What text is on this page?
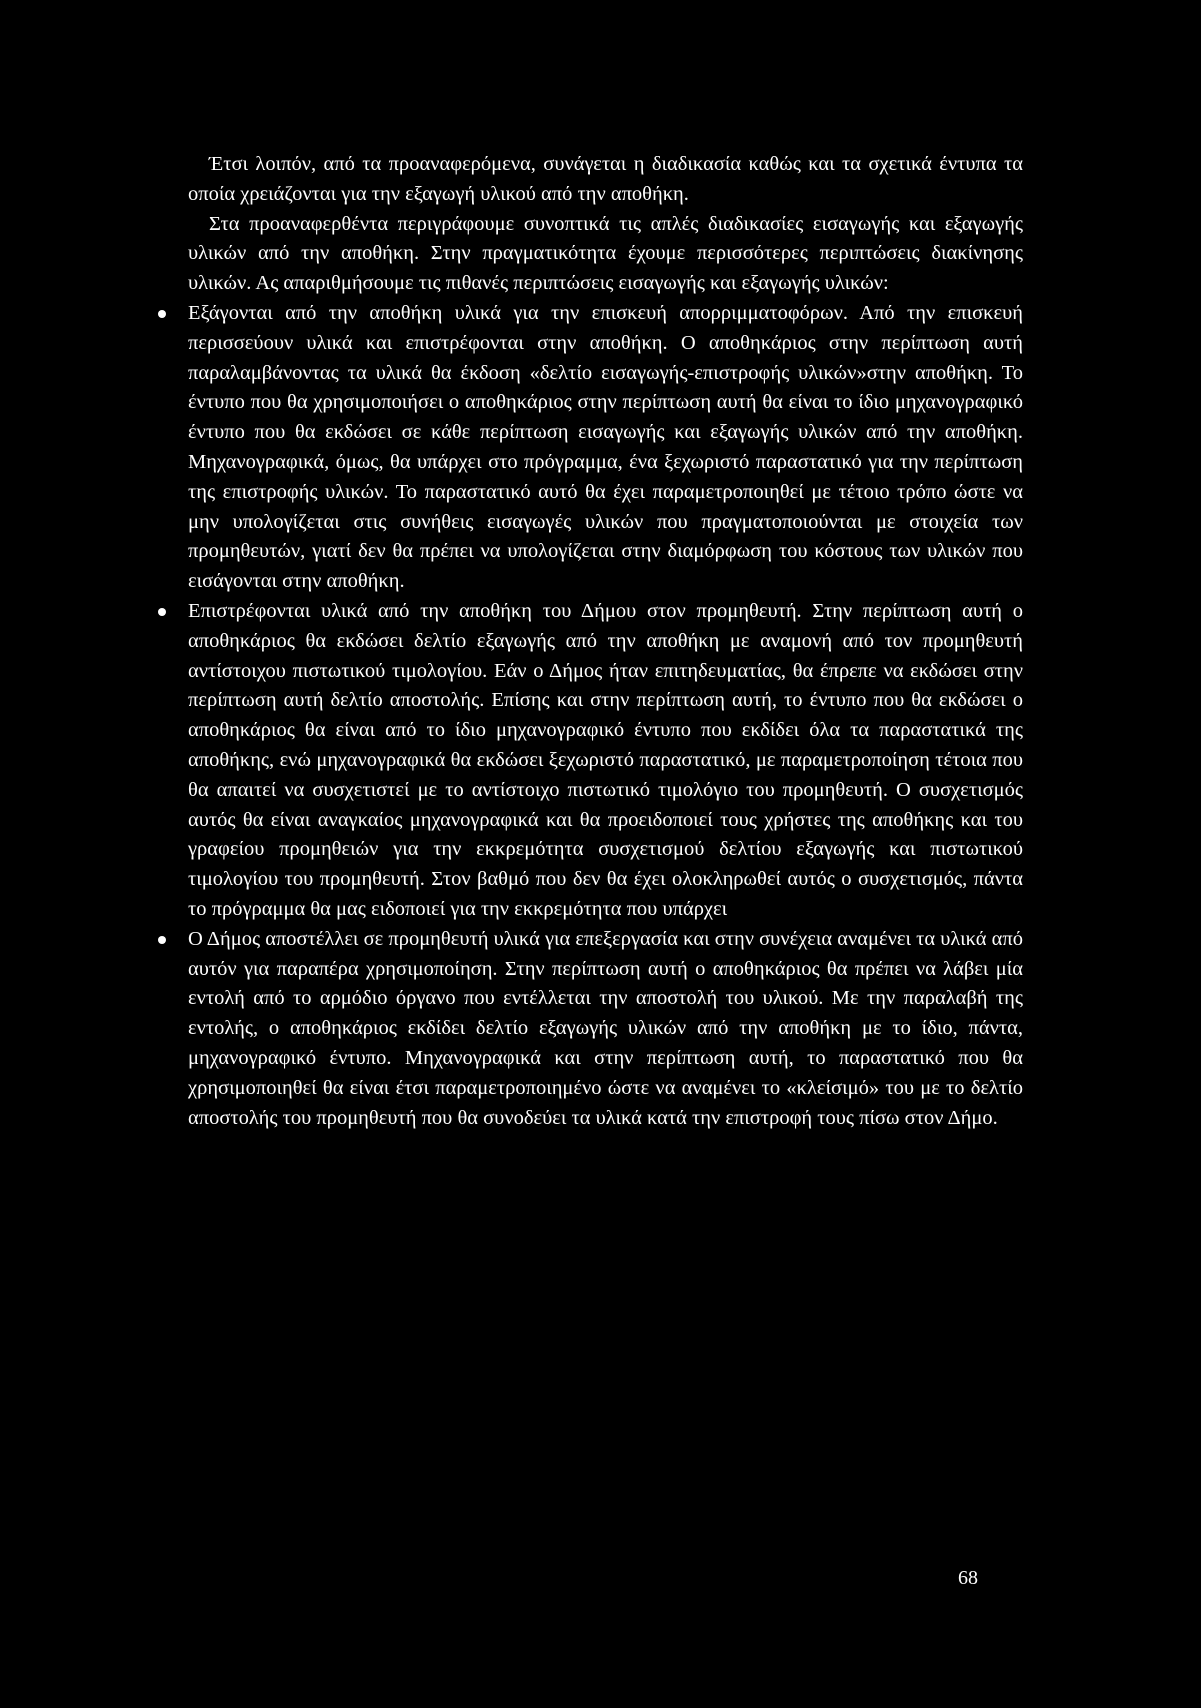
Έτσι λοιπόν, από τα προαναφερόμενα, συνάγεται η διαδικασία καθώς και τα σχετικά έντυπα τα οποία χρειάζονται για την εξαγωγή υλικού από την αποθήκη.

Στα προαναφερθέντα περιγράφουμε συνοπτικά τις απλές διαδικασίες εισαγωγής και εξαγωγής υλικών από την αποθήκη. Στην πραγματικότητα έχουμε περισσότερες περιπτώσεις διακίνησης υλικών. Ας απαριθμήσουμε τις πιθανές περιπτώσεις εισαγωγής και εξαγωγής υλικών:

Εξάγονται από την αποθήκη υλικά για την επισκευή απορριμματοφόρων. Από την επισκευή περισσεύουν υλικά και επιστρέφονται στην αποθήκη. Ο αποθηκάριος στην περίπτωση αυτή παραλαμβάνοντας τα υλικά θα έκδοση «δελτίο εισαγωγής-επιστροφής υλικών»στην αποθήκη. Το έντυπο που θα χρησιμοποιήσει ο αποθηκάριος στην περίπτωση αυτή θα είναι το ίδιο μηχανογραφικό έντυπο που θα εκδώσει σε κάθε περίπτωση εισαγωγής και εξαγωγής υλικών από την αποθήκη. Μηχανογραφικά, όμως, θα υπάρχει στο πρόγραμμα, ένα ξεχωριστό παραστατικό για την περίπτωση της επιστροφής υλικών. Το παραστατικό αυτό θα έχει παραμετροποιηθεί με τέτοιο τρόπο ώστε να μην υπολογίζεται στις συνήθεις εισαγωγές υλικών που πραγματοποιούνται με στοιχεία των προμηθευτών, γιατί δεν θα πρέπει να υπολογίζεται στην διαμόρφωση του κόστους των υλικών που εισάγονται στην αποθήκη.
Επιστρέφονται υλικά από την αποθήκη του Δήμου στον προμηθευτή. Στην περίπτωση αυτή ο αποθηκάριος θα εκδώσει δελτίο εξαγωγής από την αποθήκη με αναμονή από τον προμηθευτή αντίστοιχου πιστωτικού τιμολογίου. Εάν ο Δήμος ήταν επιτηδευματίας, θα έπρεπε να εκδώσει στην περίπτωση αυτή δελτίο αποστολής. Επίσης και στην περίπτωση αυτή, το έντυπο που θα εκδώσει ο αποθηκάριος θα είναι από το ίδιο μηχανογραφικό έντυπο που εκδίδει όλα τα παραστατικά της αποθήκης, ενώ μηχανογραφικά θα εκδώσει ξεχωριστό παραστατικό, με παραμετροποίηση τέτοια που θα απαιτεί να συσχετιστεί με το αντίστοιχο πιστωτικό τιμολόγιο του προμηθευτή. Ο συσχετισμός αυτός θα είναι αναγκαίος μηχανογραφικά και θα προειδοποιεί τους χρήστες της αποθήκης και του γραφείου προμηθειών για την εκκρεμότητα συσχετισμού δελτίου εξαγωγής και πιστωτικού τιμολογίου του προμηθευτή. Στον βαθμό που δεν θα έχει ολοκληρωθεί αυτός ο συσχετισμός, πάντα το πρόγραμμα θα μας ειδοποιεί για την εκκρεμότητα που υπάρχει
Ο Δήμος αποστέλλει σε προμηθευτή υλικά για επεξεργασία και στην συνέχεια αναμένει τα υλικά από αυτόν για παραπέρα χρησιμοποίηση. Στην περίπτωση αυτή ο αποθηκάριος θα πρέπει να λάβει μία εντολή από το αρμόδιο όργανο που εντέλλεται την αποστολή του υλικού. Με την παραλαβή της εντολής, ο αποθηκάριος εκδίδει δελτίο εξαγωγής υλικών από την αποθήκη με το ίδιο, πάντα, μηχανογραφικό έντυπο. Μηχανογραφικά και στην περίπτωση αυτή, το παραστατικό που θα χρησιμοποιηθεί θα είναι έτσι παραμετροποιημένο ώστε να αναμένει το «κλείσιμό» του με το δελτίο αποστολής του προμηθευτή που θα συνοδεύει τα υλικά κατά την επιστροφή τους πίσω στον Δήμο.
68
